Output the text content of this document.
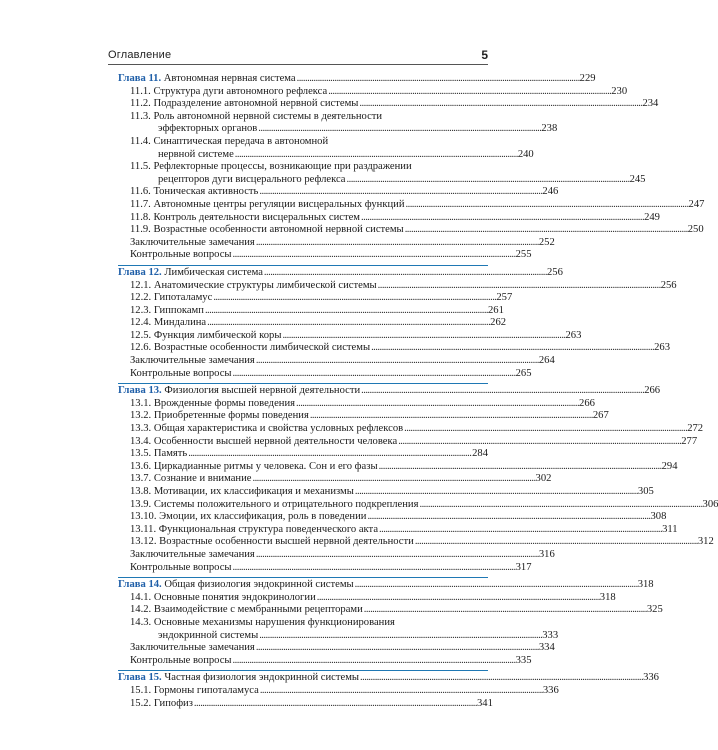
Оглавление	5
Глава 11. Автономная нервная система . . .	229
11.1. Структура дуги автономного рефлекса . . .	230
11.2. Подразделение автономной нервной системы . . .	234
11.3. Роль автономной нервной системы в деятельности
эффекторных органов . . .	238
11.4. Синаптическая передача в автономной
нервной системе . . .	240
11.5. Рефлекторные процессы, возникающие при раздражении
рецепторов дуги висцерального рефлекса . . .	245
11.6. Тоническая активность . . .	246
11.7. Автономные центры регуляции висцеральных функций . . .	247
11.8. Контроль деятельности висцеральных систем . . .	249
11.9. Возрастные особенности автономной нервной системы . . .	250
Заключительные замечания . . .	252
Контрольные вопросы . . .	255
Глава 12. Лимбическая система . . .	256
12.1. Анатомические структуры лимбической системы . . .	256
12.2. Гипоталамус . . .	257
12.3. Гиппокамп . . .	261
12.4. Миндалина . . .	262
12.5. Функция лимбической коры . . .	263
12.6. Возрастные особенности лимбической системы . . .	263
Заключительные замечания . . .	264
Контрольные вопросы . . .	265
Глава 13. Физиология высшей нервной деятельности . . .	266
13.1. Врожденные формы поведения . . .	266
13.2. Приобретенные формы поведения . . .	267
13.3. Общая характеристика и свойства условных рефлексов . . .	272
13.4. Особенности высшей нервной деятельности человека . . .	277
13.5. Память . . .	284
13.6. Циркадианные ритмы у человека. Сон и его фазы . . .	294
13.7. Сознание и внимание . . .	302
13.8. Мотивации, их классификация и механизмы . . .	305
13.9. Системы положительного и отрицательного подкрепления . . .	306
13.10. Эмоции, их классификация, роль в поведении . . .	308
13.11. Функциональная структура поведенческого акта . . .	311
13.12. Возрастные особенности высшей нервной деятельности . . .	312
Заключительные замечания . . .	316
Контрольные вопросы . . .	317
Глава 14. Общая физиология эндокринной системы . . .	318
14.1. Основные понятия эндокринологии . . .	318
14.2. Взаимодействие с мембранными рецепторами . . .	325
14.3. Основные механизмы нарушения функционирования
эндокринной системы . . .	333
Заключительные замечания . . .	334
Контрольные вопросы . . .	335
Глава 15. Частная физиология эндокринной системы . . .	336
15.1. Гормоны гипоталамуса . . .	336
15.2. Гипофиз . . .	341
